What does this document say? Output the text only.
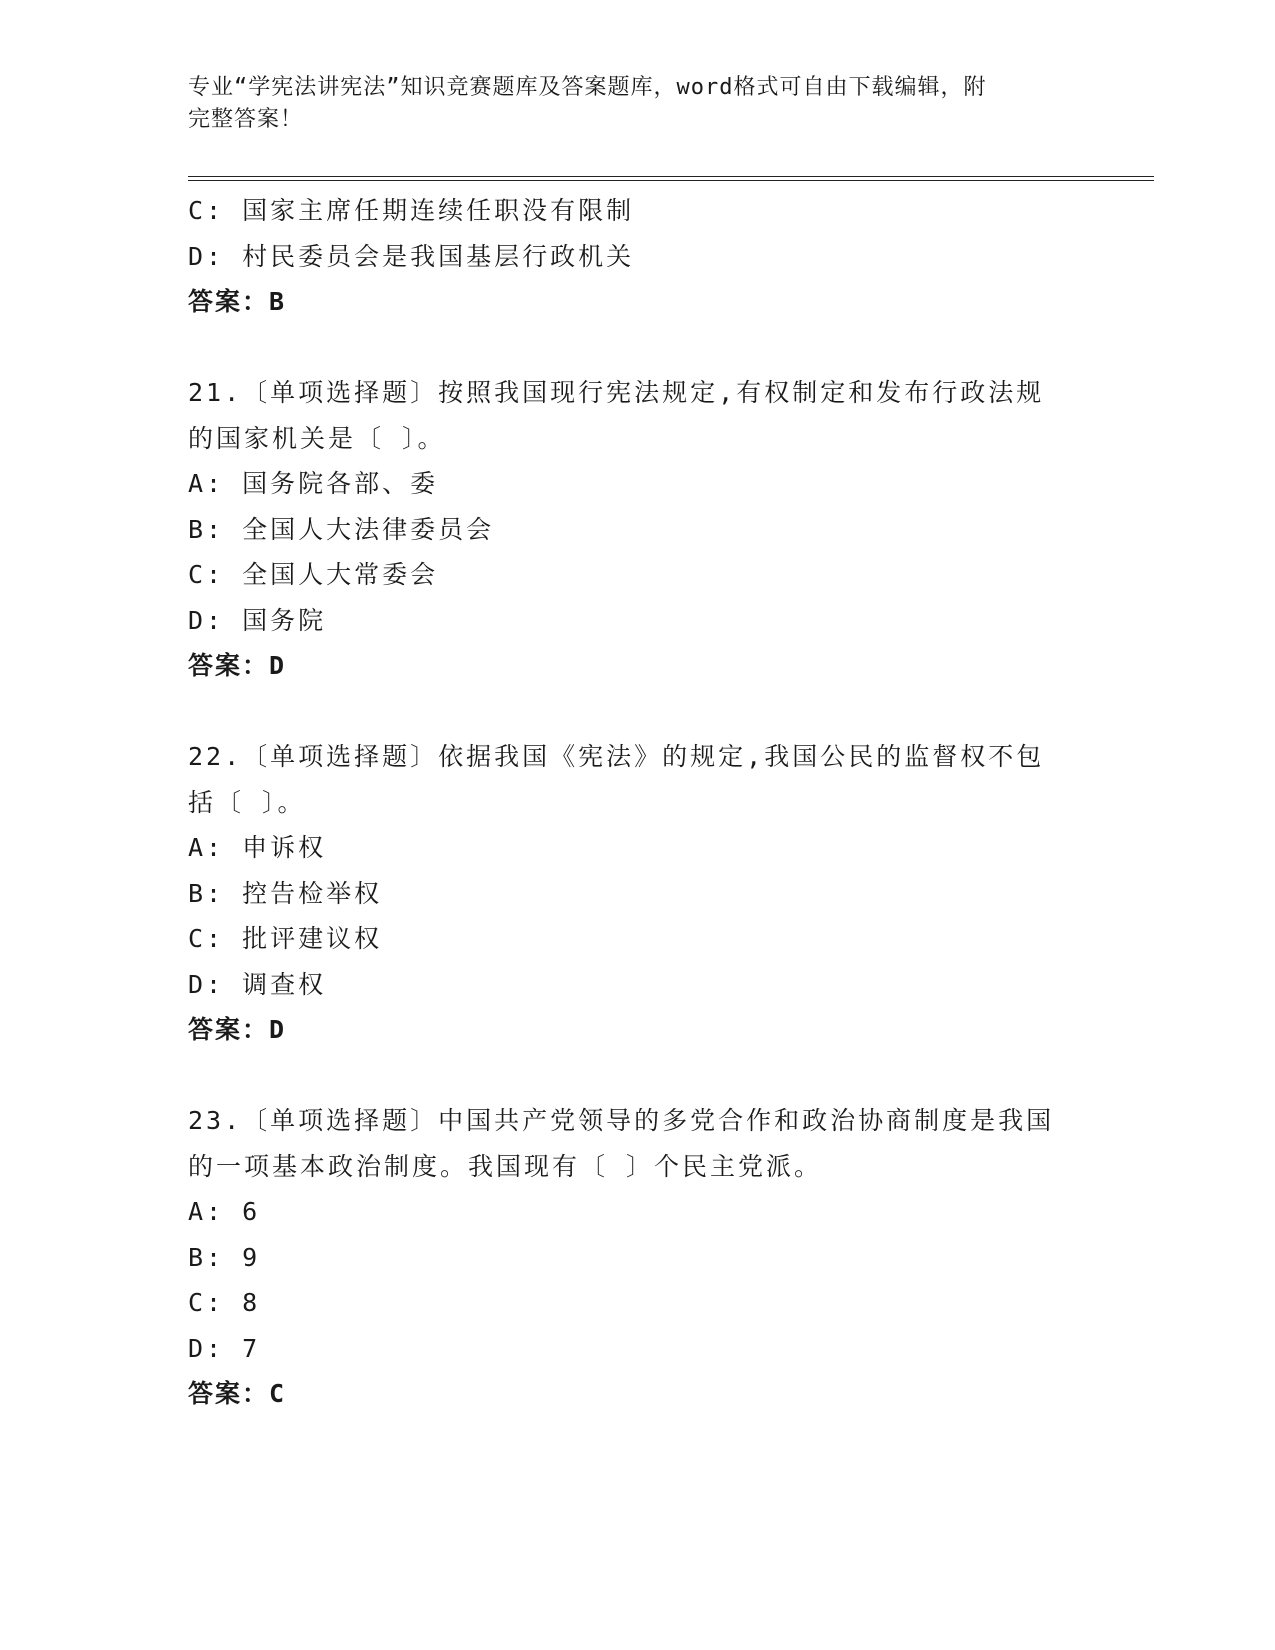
专业“学宪法讲宪法”知识竞赛题库及答案题库，word格式可自由下载编辑，附
完整答案！
C: 国家主席任期连续任职没有限制
D: 村民委员会是我国基层行政机关
答案：B
21.〔单项选择题〕按照我国现行宪法规定,有权制定和发布行政法规
的国家机关是〔 〕。
A: 国务院各部、委
B: 全国人大法律委员会
C: 全国人大常委会
D: 国务院
答案：D
22.〔单项选择题〕依据我国《宪法》的规定,我国公民的监督权不包
括〔 〕。
A: 申诉权
B: 控告检举权
C: 批评建议权
D: 调查权
答案：D
23.〔单项选择题〕中国共产党领导的多党合作和政治协商制度是我国
的一项基本政治制度。我国现有〔 〕个民主党派。
A: 6
B: 9
C: 8
D: 7
答案：C
